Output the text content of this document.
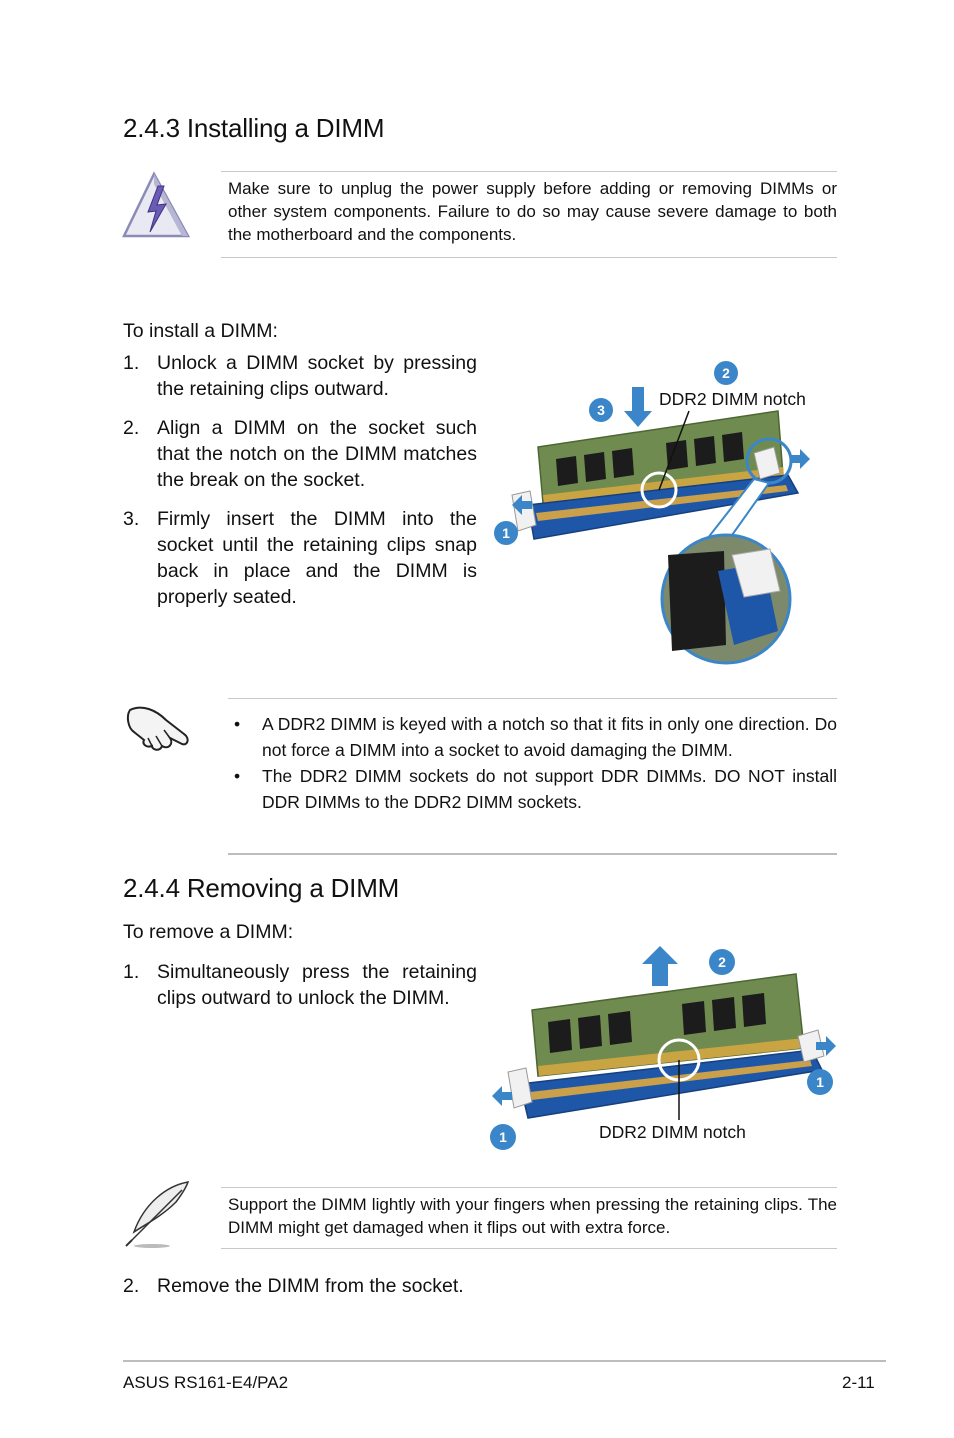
2.4.3 Installing a DIMM
Make sure to unplug the power supply before adding or removing DIMMs or other system components. Failure to do so may cause severe damage to both the motherboard and the components.
To install a DIMM:
1. Unlock a DIMM socket by pressing the retaining clips outward.
2. Align a DIMM on the socket such that the notch on the DIMM matches the break on the socket.
3. Firmly insert the DIMM into the socket until the retaining clips snap back in place and the DIMM is properly seated.
2
3
1
DDR2 DIMM notch
• A DDR2 DIMM is keyed with a notch so that it fits in only one direction. Do not force a DIMM into a socket to avoid damaging the DIMM.
• The DDR2 DIMM sockets do not support DDR DIMMs. DO NOT install DDR DIMMs to the DDR2 DIMM sockets.
2.4.4 Removing a DIMM
To remove a DIMM:
1. Simultaneously press the retaining clips outward to unlock the DIMM.
2
1
1	DDR2 DIMM notch
Support the DIMM lightly with your fingers when pressing the retaining clips. The DIMM might get damaged when it flips out with extra force.
2. Remove the DIMM from the socket.
ASUS RS161-E4/PA2	2-11
